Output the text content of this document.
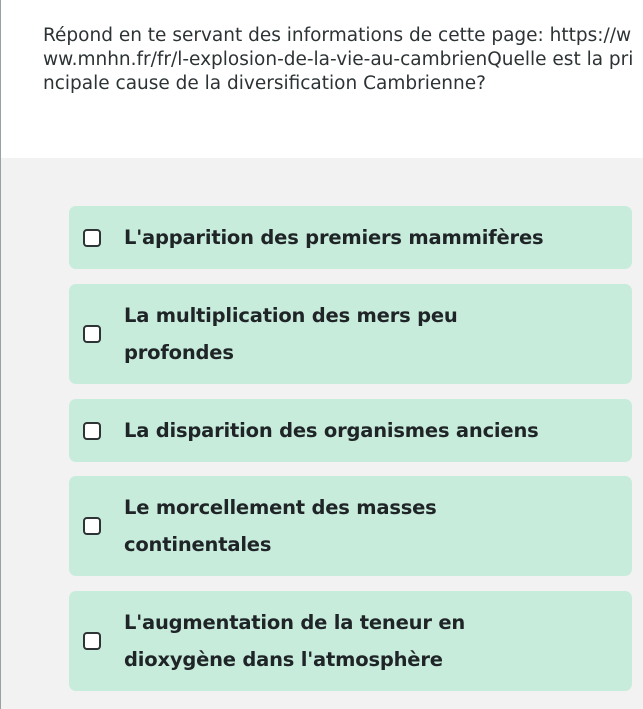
Répond en te servant des informations de cette page: https://www.mnhn.fr/fr/l-explosion-de-la-vie-au-cambrienQuelle est la principale cause de la diversification Cambrienne?
L'apparition des premiers mammifères
La multiplication des mers peu profondes
La disparition des organismes anciens
Le morcellement des masses continentales
L'augmentation de la teneur en dioxygène dans l'atmosphère
